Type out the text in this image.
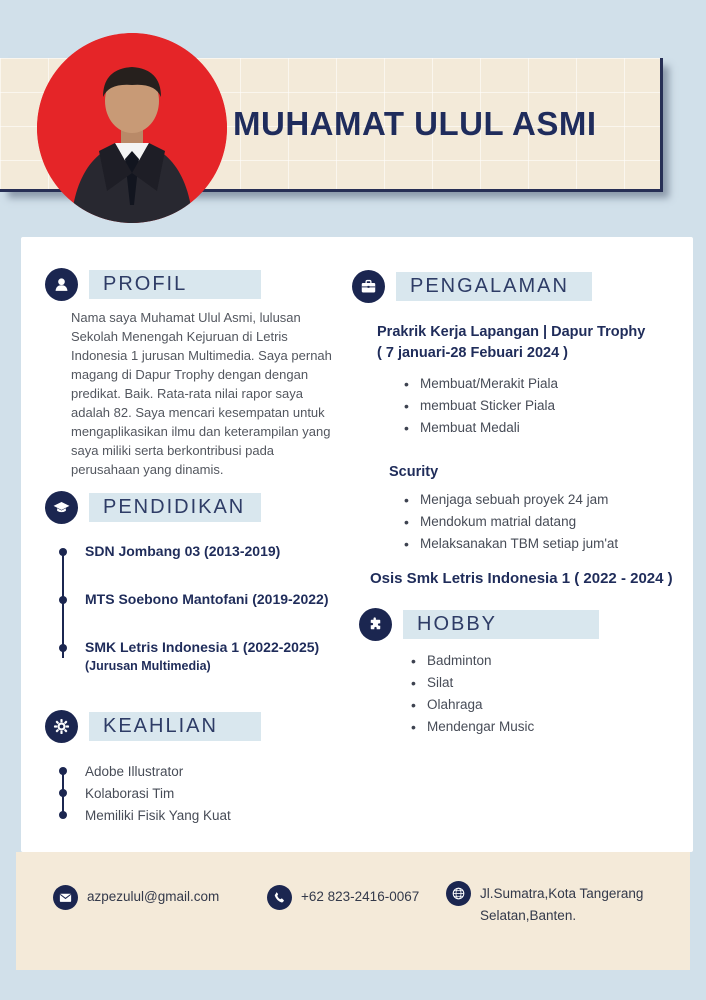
MUHAMAT ULUL ASMI
PROFIL

Nama saya Muhamat Ulul Asmi, lulusan Sekolah Menengah Kejuruan di Letris Indonesia 1 jurusan Multimedia. Saya pernah magang di Dapur Trophy dengan dengan predikat. Baik. Rata-rata nilai rapor saya adalah 82. Saya mencari kesempatan untuk mengaplikasikan ilmu dan keterampilan yang saya miliki serta berkontribusi pada perusahaan yang dinamis.

PENDIDIKAN
SDN Jombang 03 (2013-2019)
MTS Soebono Mantofani (2019-2022)
SMK Letris Indonesia 1 (2022-2025)
(Jurusan Multimedia)
KEAHLIAN
Adobe Illustrator
Kolaborasi Tim
Memiliki Fisik Yang Kuat
PENGALAMAN
Prakrik Kerja Lapangan | Dapur Trophy
( 7 januari-28 Febuari 2024 )
• Membuat/Merakit Piala
• membuat Sticker Piala
• Membuat Medali
Scurity
• Menjaga sebuah proyek 24 jam
• Mendokum matrial datang
• Melaksanakan TBM setiap jum'at
Osis Smk Letris Indonesia 1 ( 2022 - 2024 )
HOBBY
• Badminton
• Silat
• Olahraga
• Mendengar Music
azpezulul@gmail.com	+62 823-2416-0067	Jl.Sumatra,Kota Tangerang
Selatan,Banten.
